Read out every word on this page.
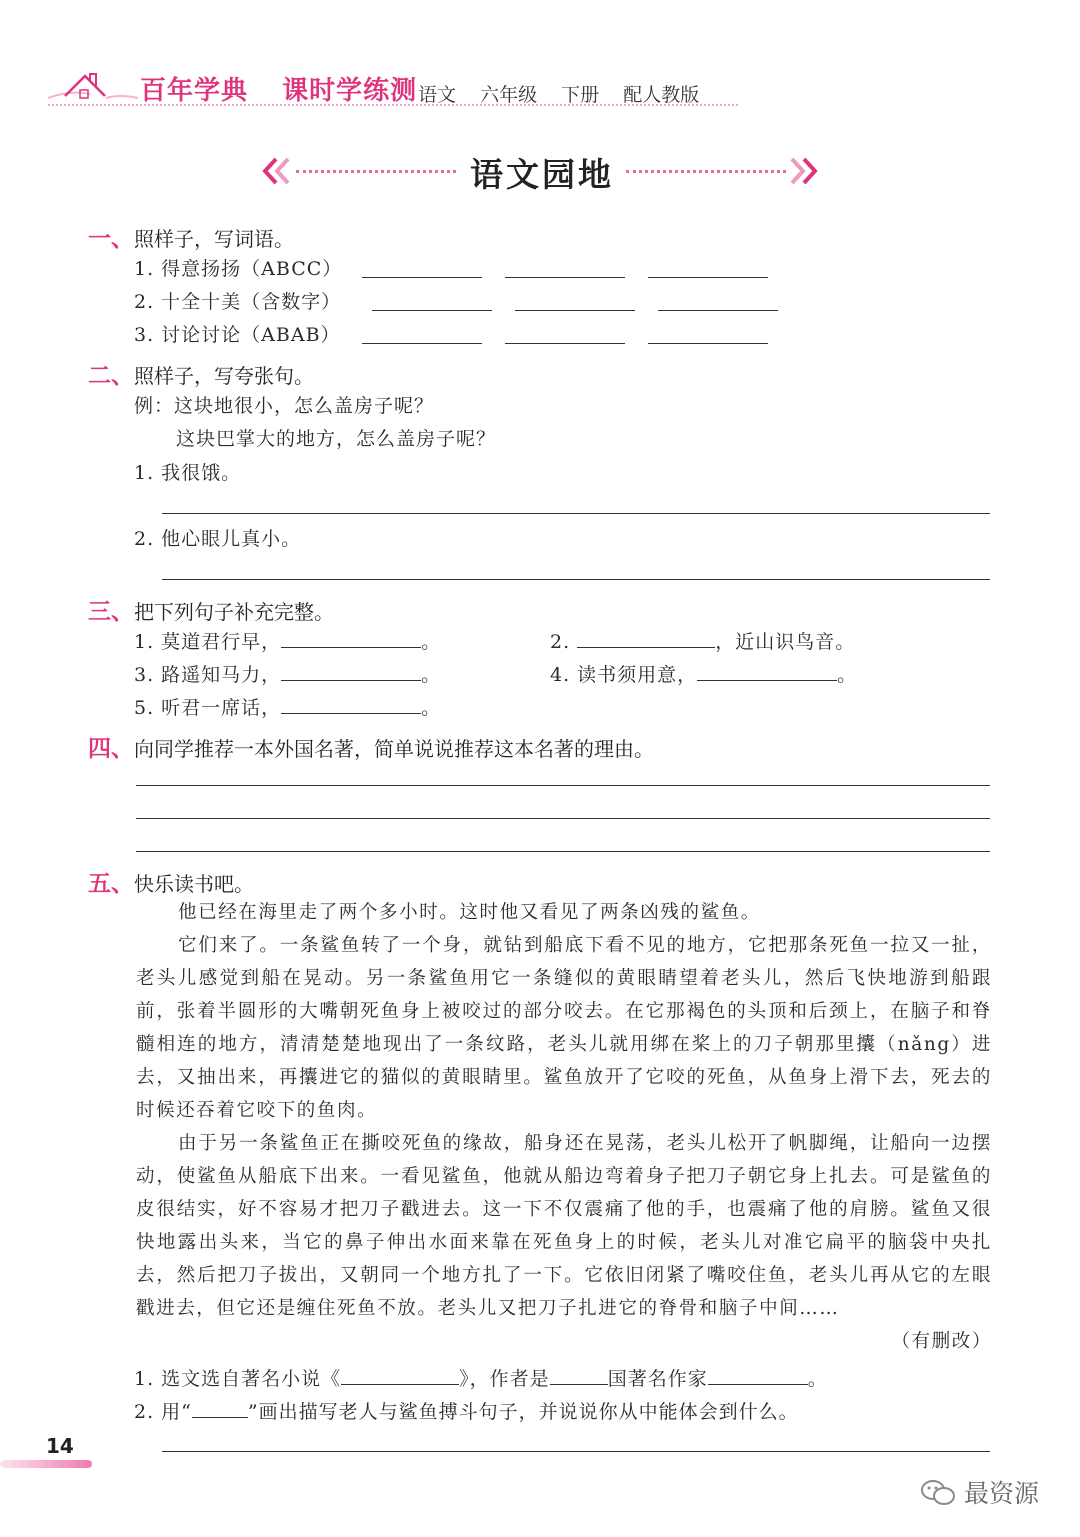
百年学典 课时学练测 语文 六年级 下册 配人教版
语文园地
一、照样子，写词语。
1. 得意扬扬（ABCC）
2. 十全十美（含数字）
3. 讨论讨论（ABAB）
二、照样子，写夸张句。
例：这块地很小，怎么盖房子呢？
这块巴掌大的地方，怎么盖房子呢？
1. 我很饿。
2. 他心眼儿真小。
三、把下列句子补充完整。
1. 莫道君行早，	。	2.	，近山识鸟音。
3. 路遥知马力，	。	4. 读书须用意，	。
5. 听君一席话，	。
四、向同学推荐一本外国名著，简单说说推荐这本名著的理由。
五、快乐读书吧。

他已经在海里走了两个多小时。这时他又看见了两条凶残的鲨鱼。

它们来了。一条鲨鱼转了一个身，就钻到船底下看不见的地方，它把那条死鱼一拉又一扯，老头儿感觉到船在晃动。另一条鲨鱼用它一条缝似的黄眼睛望着老头儿，然后飞快地游到船跟前，张着半圆形的大嘴朝死鱼身上被咬过的部分咬去。在它那褐色的头顶和后颈上，在脑子和脊髓相连的地方，清清楚楚地现出了一条纹路，老头儿就用绑在桨上的刀子朝那里攮（nǎng）进去，又抽出来，再攮进它的猫似的黄眼睛里。鲨鱼放开了它咬的死鱼，从鱼身上滑下去，死去的时候还吞着它咬下的鱼肉。

由于另一条鲨鱼正在撕咬死鱼的缘故，船身还在晃荡，老头儿松开了帆脚绳，让船向一边摆动，使鲨鱼从船底下出来。一看见鲨鱼，他就从船边弯着身子把刀子朝它身上扎去。可是鲨鱼的皮很结实，好不容易才把刀子戳进去。这一下不仅震痛了他的手，也震痛了他的肩膀。鲨鱼又很快地露出头来，当它的鼻子伸出水面来靠在死鱼身上的时候，老头儿对准它扁平的脑袋中央扎去，然后把刀子拔出，又朝同一个地方扎了一下。它依旧闭紧了嘴咬住鱼，老头儿再从它的左眼戳进去，但它还是缠住死鱼不放。老头儿又把刀子扎进它的脊骨和脑子中间……

（有删改）

1. 选文选自著名小说《	》，作者是	国著名作家	。
2. 用“	”画出描写老人与鲨鱼搏斗句子，并说说你从中能体会到什么。
14
最资源
